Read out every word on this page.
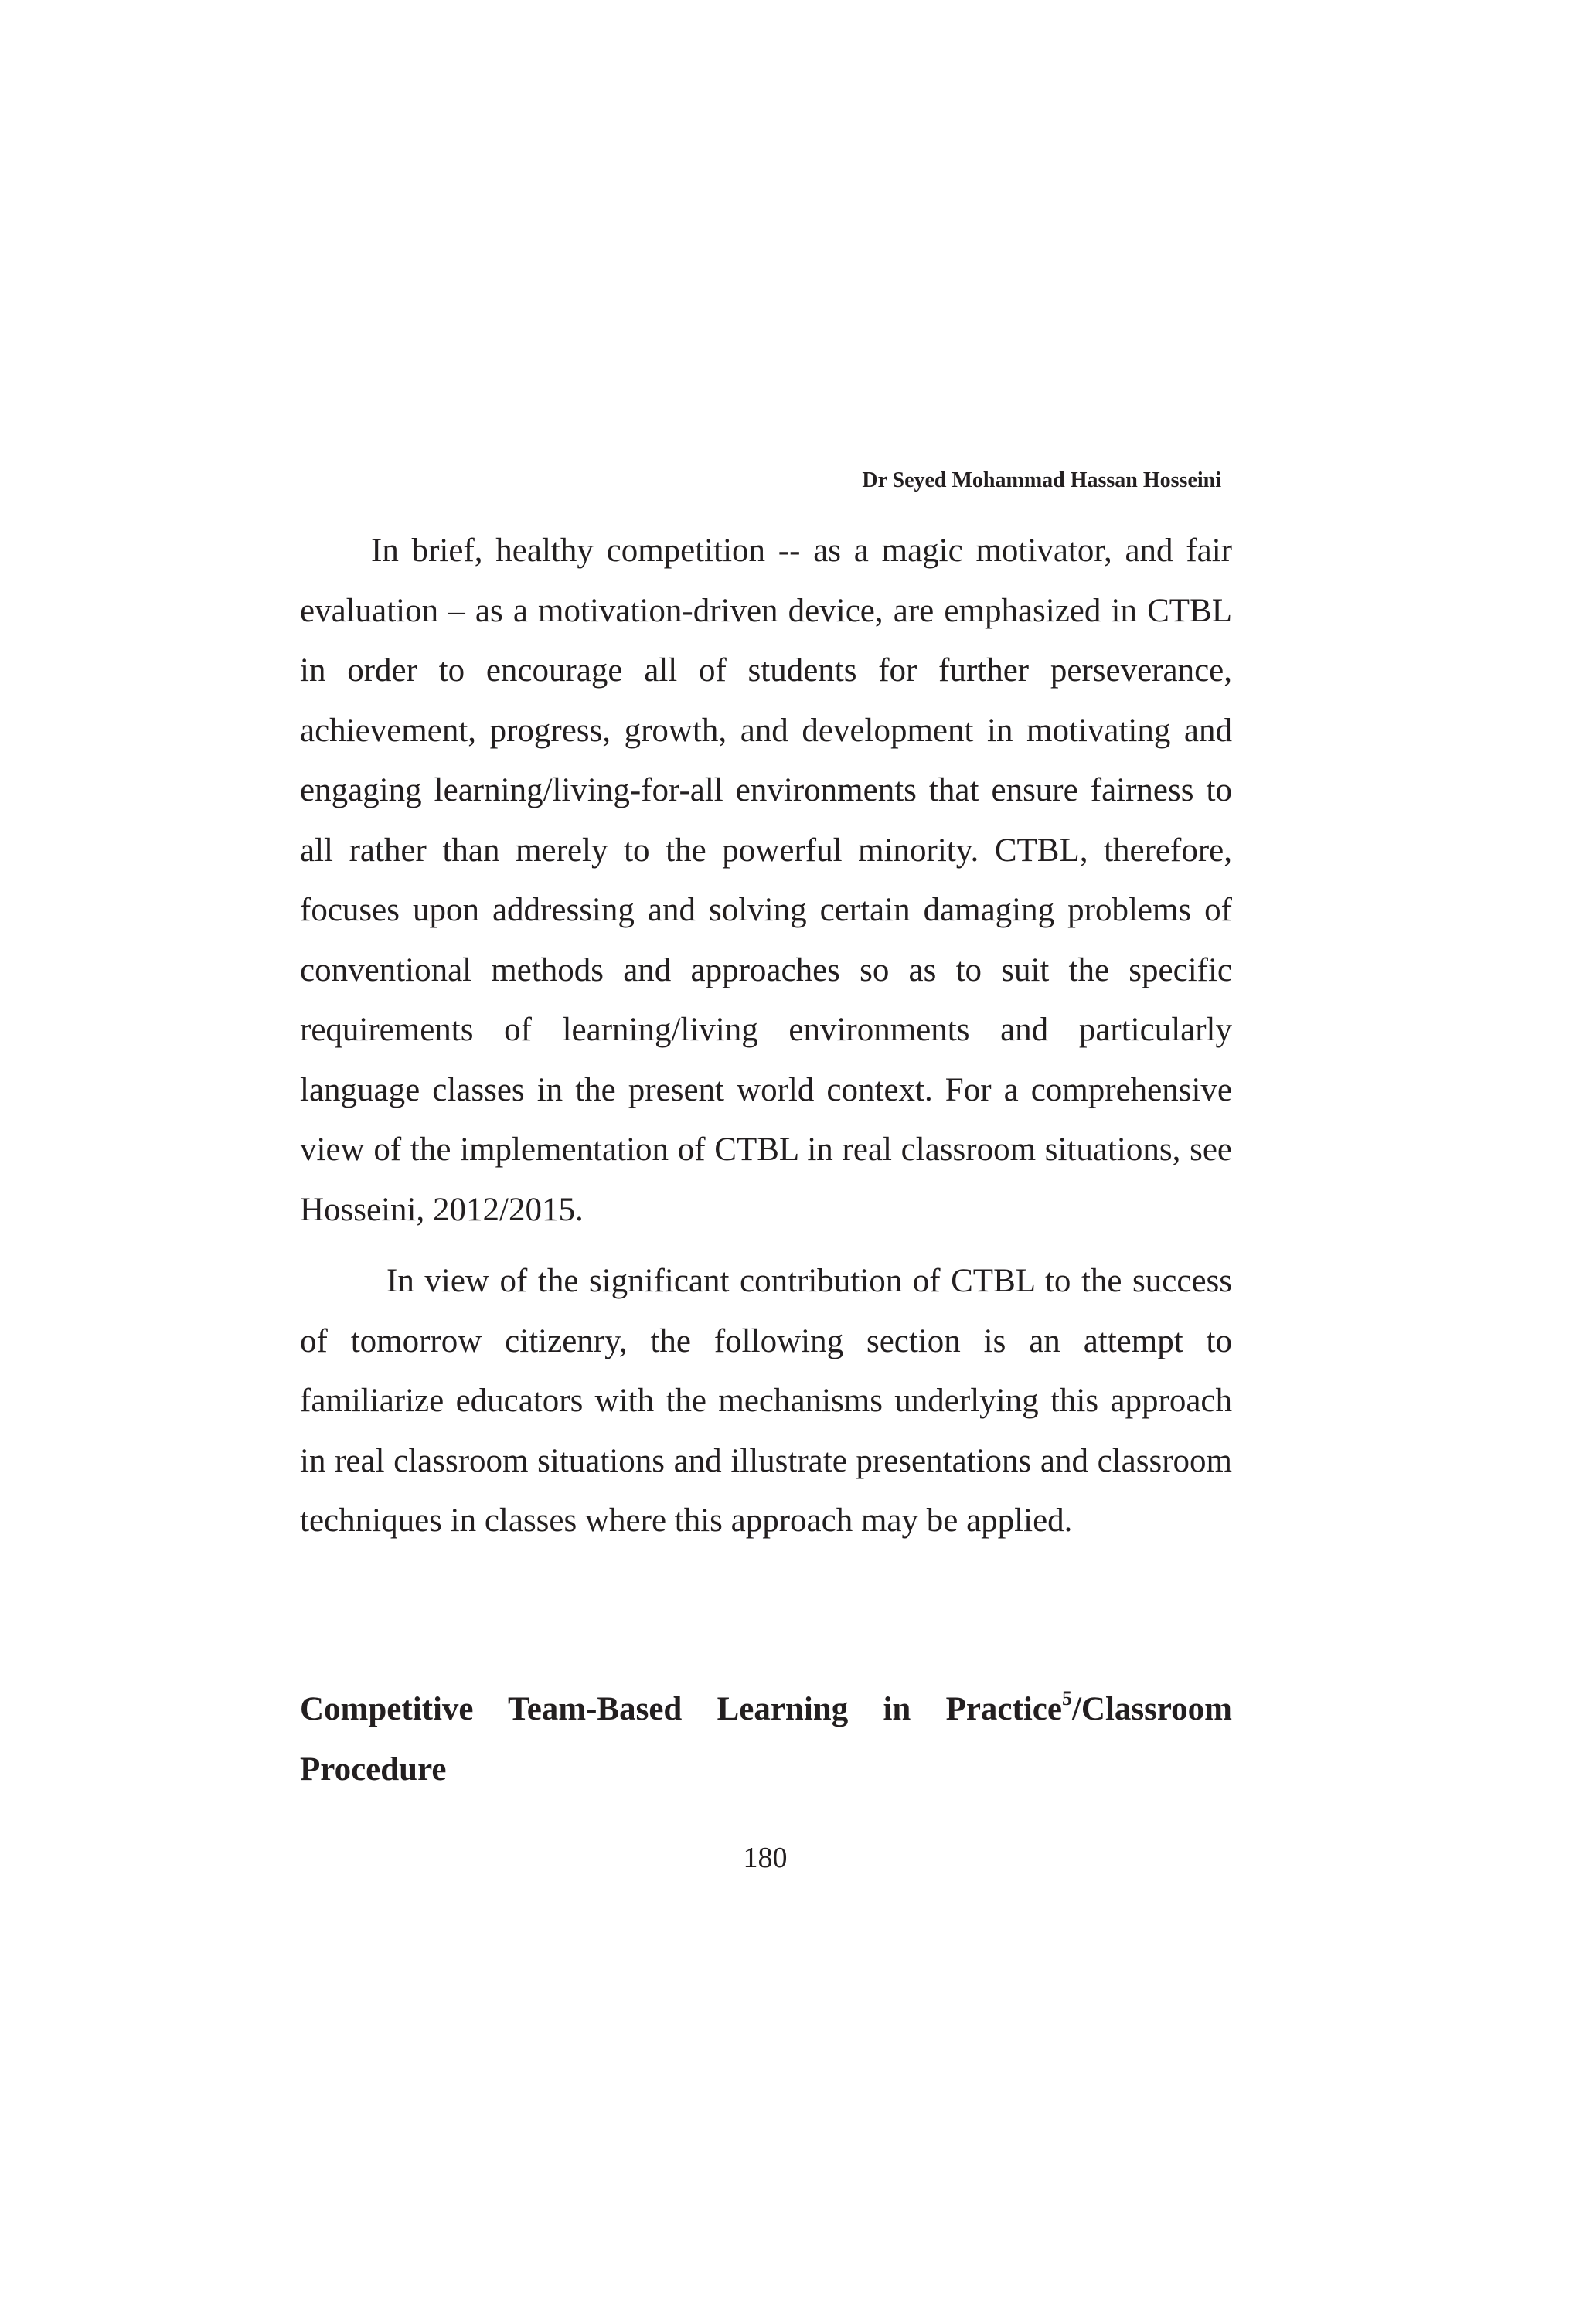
Dr Seyed Mohammad Hassan Hosseini

In brief, healthy competition -- as a magic motivator, and fair evaluation – as a motivation-driven device, are emphasized in CTBL in order to encourage all of students for further perseverance, achievement, progress, growth, and development in motivating and engaging learning/living-for-all environments that ensure fairness to all rather than merely to the powerful minority. CTBL, therefore, focuses upon addressing and solving certain damaging problems of conventional methods and approaches so as to suit the specific requirements of learning/living environments and particularly language classes in the present world context. For a comprehensive view of the implementation of CTBL in real classroom situations, see Hosseini, 2012/2015.

In view of the significant contribution of CTBL to the success of tomorrow citizenry, the following section is an attempt to familiarize educators with the mechanisms underlying this approach in real classroom situations and illustrate presentations and classroom techniques in classes where this approach may be applied.

Competitive Team-Based Learning in Practice$^5$/Classroom
Procedure
180
